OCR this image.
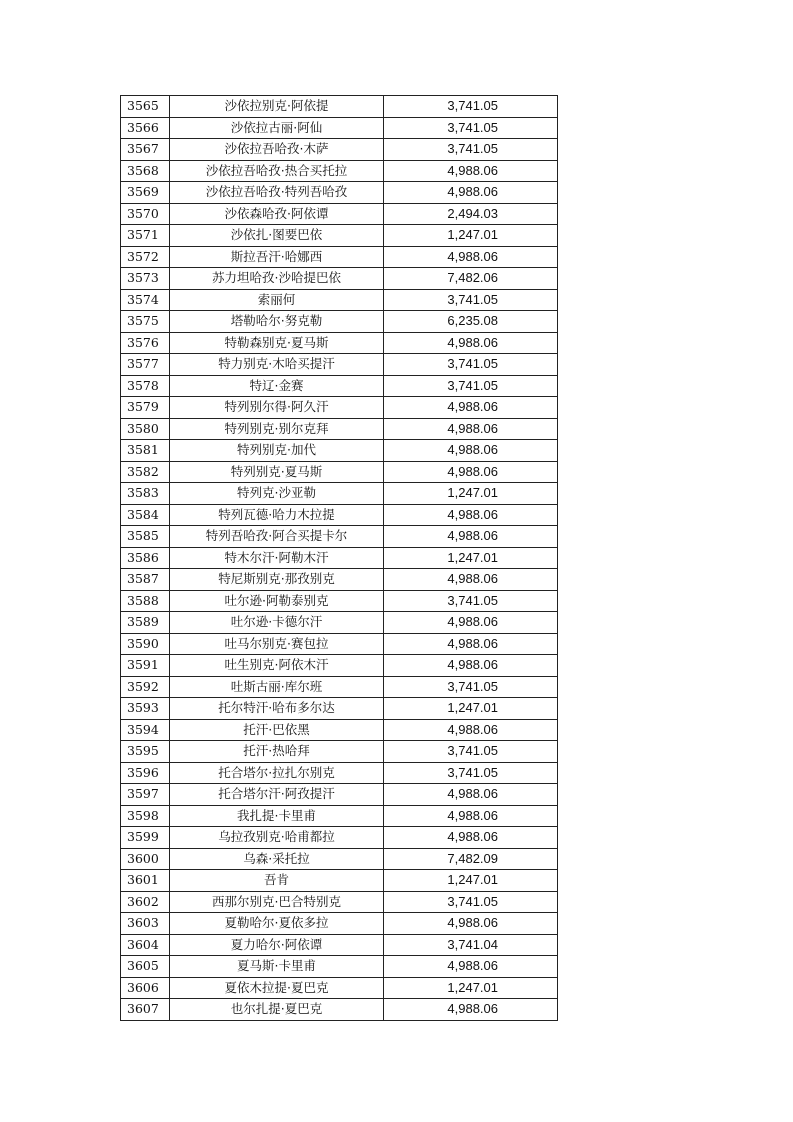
3565	沙依拉别克·阿依提	3,741.05
3566	沙依拉古丽·阿仙	3,741.05
3567	沙依拉吾哈孜·木萨	3,741.05
3568	沙依拉吾哈孜·热合买托拉	4,988.06
3569	沙依拉吾哈孜·特列吾哈孜	4,988.06
3570	沙依森哈孜·阿依谭	2,494.03
3571	沙依扎·图要巴依	1,247.01
3572	斯拉吾汗·哈娜西	4,988.06
3573	苏力坦哈孜·沙哈提巴依	7,482.06
3574	索丽何	3,741.05
3575	塔勒哈尔·努克勒	6,235.08
3576	特勒森别克·夏马斯	4,988.06
3577	特力别克·木哈买提汗	3,741.05
3578	特辽·金赛	3,741.05
3579	特列别尔得·阿久汗	4,988.06
3580	特列别克·别尔克拜	4,988.06
3581	特列别克·加代	4,988.06
3582	特列别克·夏马斯	4,988.06
3583	特列克·沙亚勒	1,247.01
3584	特列瓦德·哈力木拉提	4,988.06
3585	特列吾哈孜·阿合买提卡尔	4,988.06
3586	特木尔汗·阿勒木汗	1,247.01
3587	特尼斯别克·那孜别克	4,988.06
3588	吐尔逊·阿勒泰别克	3,741.05
3589	吐尔逊·卡德尔汗	4,988.06
3590	吐马尔别克·赛包拉	4,988.06
3591	吐生别克·阿依木汗	4,988.06
3592	吐斯古丽·库尔班	3,741.05
3593	托尔特汗·哈布多尔达	1,247.01
3594	托汗·巴依黑	4,988.06
3595	托汗·热哈拜	3,741.05
3596	托合塔尔·拉扎尔别克	3,741.05
3597	托合塔尔汗·阿孜提汗	4,988.06
3598	我扎提·卡里甫	4,988.06
3599	乌拉孜别克·哈甫都拉	4,988.06
3600	乌森·采托拉	7,482.09
3601	吾肯	1,247.01
3602	西那尔别克·巴合特别克	3,741.05
3603	夏勒哈尔·夏依多拉	4,988.06
3604	夏力哈尔·阿依谭	3,741.04
3605	夏马斯·卡里甫	4,988.06
3606	夏依木拉提·夏巴克	1,247.01
3607	也尔扎提·夏巴克	4,988.06
